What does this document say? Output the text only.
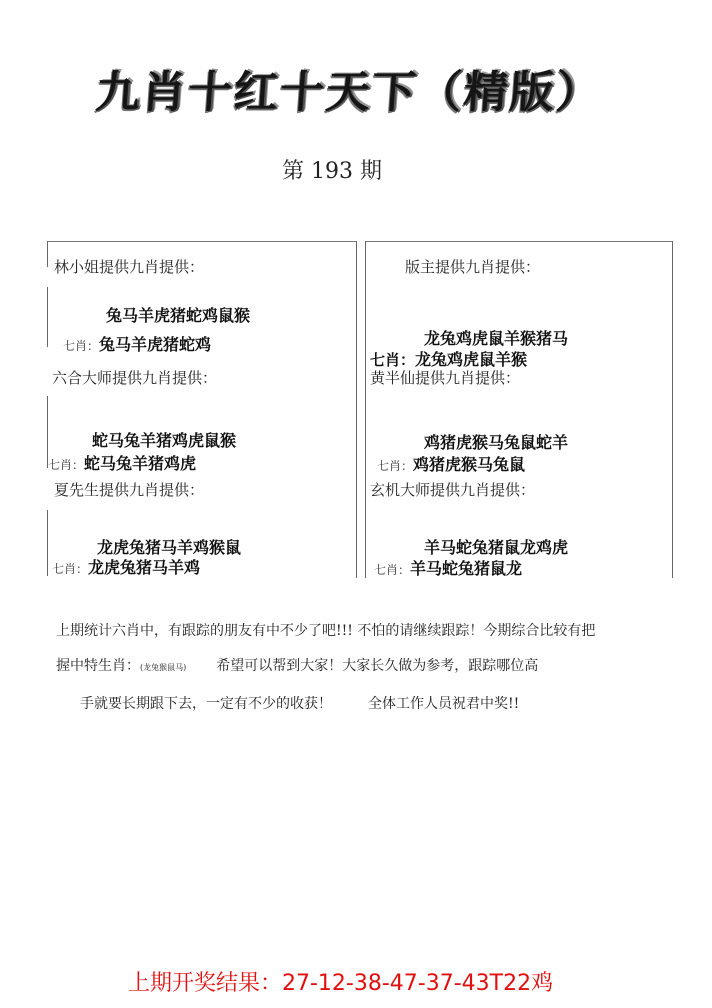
九肖十红十天下（精版）
第 193 期
林小姐提供九肖提供：
兔马羊虎猪蛇鸡鼠猴
七肖：兔马羊虎猪蛇鸡
六合大师提供九肖提供：
蛇马兔羊猪鸡虎鼠猴
七肖：蛇马兔羊猪鸡虎
夏先生提供九肖提供：
龙虎兔猪马羊鸡猴鼠
七肖：龙虎兔猪马羊鸡
版主提供九肖提供：
龙兔鸡虎鼠羊猴猪马
七肖：龙兔鸡虎鼠羊猴
黄半仙提供九肖提供：
鸡猪虎猴马兔鼠蛇羊
七肖：鸡猪虎猴马兔鼠
玄机大师提供九肖提供：
羊马蛇兔猪鼠龙鸡虎
七肖：羊马蛇兔猪鼠龙
上期统计六肖中，有跟踪的朋友有中不少了吧!!! 不怕的请继续跟踪！今期综合比较有把
握中特生肖：(龙兔猴鼠马) 希望可以帮到大家！大家长久做为参考，跟踪哪位高
手就要长期跟下去，一定有不少的收获！	全体工作人员祝君中奖!!
上期开奖结果：27-12-38-47-37-43T22鸡
